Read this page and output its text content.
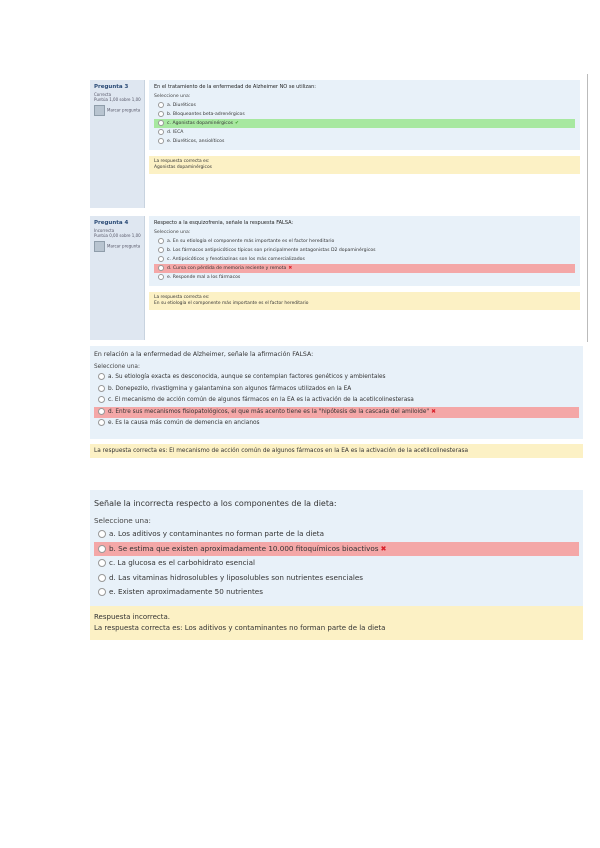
Pregunta 3
Correcta
Puntúa 1,00 sobre 1,00
Marcar pregunta
En el tratamiento de la enfermedad de Alzheimer NO se utilizan:
Seleccione una:
a. Diuréticos
b. Bloqueantes beta-adrenérgicos
c. Agonistas dopaminérgicos ✔
d. IECA
e. Diuréticos, ansiolíticos
La respuesta correcta es:
Agonistas dopaminérgicos
Pregunta 4
Incorrecta
Puntúa 0,00 sobre 1,00
Marcar pregunta
Respecto a la esquizofrenia, señale la respuesta FALSA:
Seleccione una:
a. En su etiología el componente más importante es el factor hereditario
b. Los fármacos antipsicóticos típicos son principalmente antagonistas D2 dopaminérgicos
c. Antipsicóticos y fenotiazinas son los más comercializados
d. Cursa con pérdida de memoria reciente y remota ✖
e. Responde mal a los fármacos
La respuesta correcta es:
En su etiología el componente más importante es el factor hereditario
En relación a la enfermedad de Alzheimer, señale la afirmación FALSA:
Seleccione una:
a. Su etiología exacta es desconocida, aunque se contemplan factores genéticos y ambientales
b. Donepezilo, rivastigmina y galantamina son algunos fármacos utilizados en la EA
c. El mecanismo de acción común de algunos fármacos en la EA es la activación de la acetilcolinesterasa
d. Entre sus mecanismos fisiopatológicos, el que más acento tiene es la "hipótesis de la cascada del amiloide" ✖
e. Es la causa más común de demencia en ancianos
La respuesta correcta es: El mecanismo de acción común de algunos fármacos en la EA es la activación de la acetilcolinesterasa
Señale la incorrecta respecto a los componentes de la dieta:
Seleccione una:
a. Los aditivos y contaminantes no forman parte de la dieta
b. Se estima que existen aproximadamente 10.000 fitoquímicos bioactivos ✖
c. La glucosa es el carbohidrato esencial
d. Las vitaminas hidrosolubles y liposolubles son nutrientes esenciales
e. Existen aproximadamente 50 nutrientes
Respuesta incorrecta.
La respuesta correcta es: Los aditivos y contaminantes no forman parte de la dieta
